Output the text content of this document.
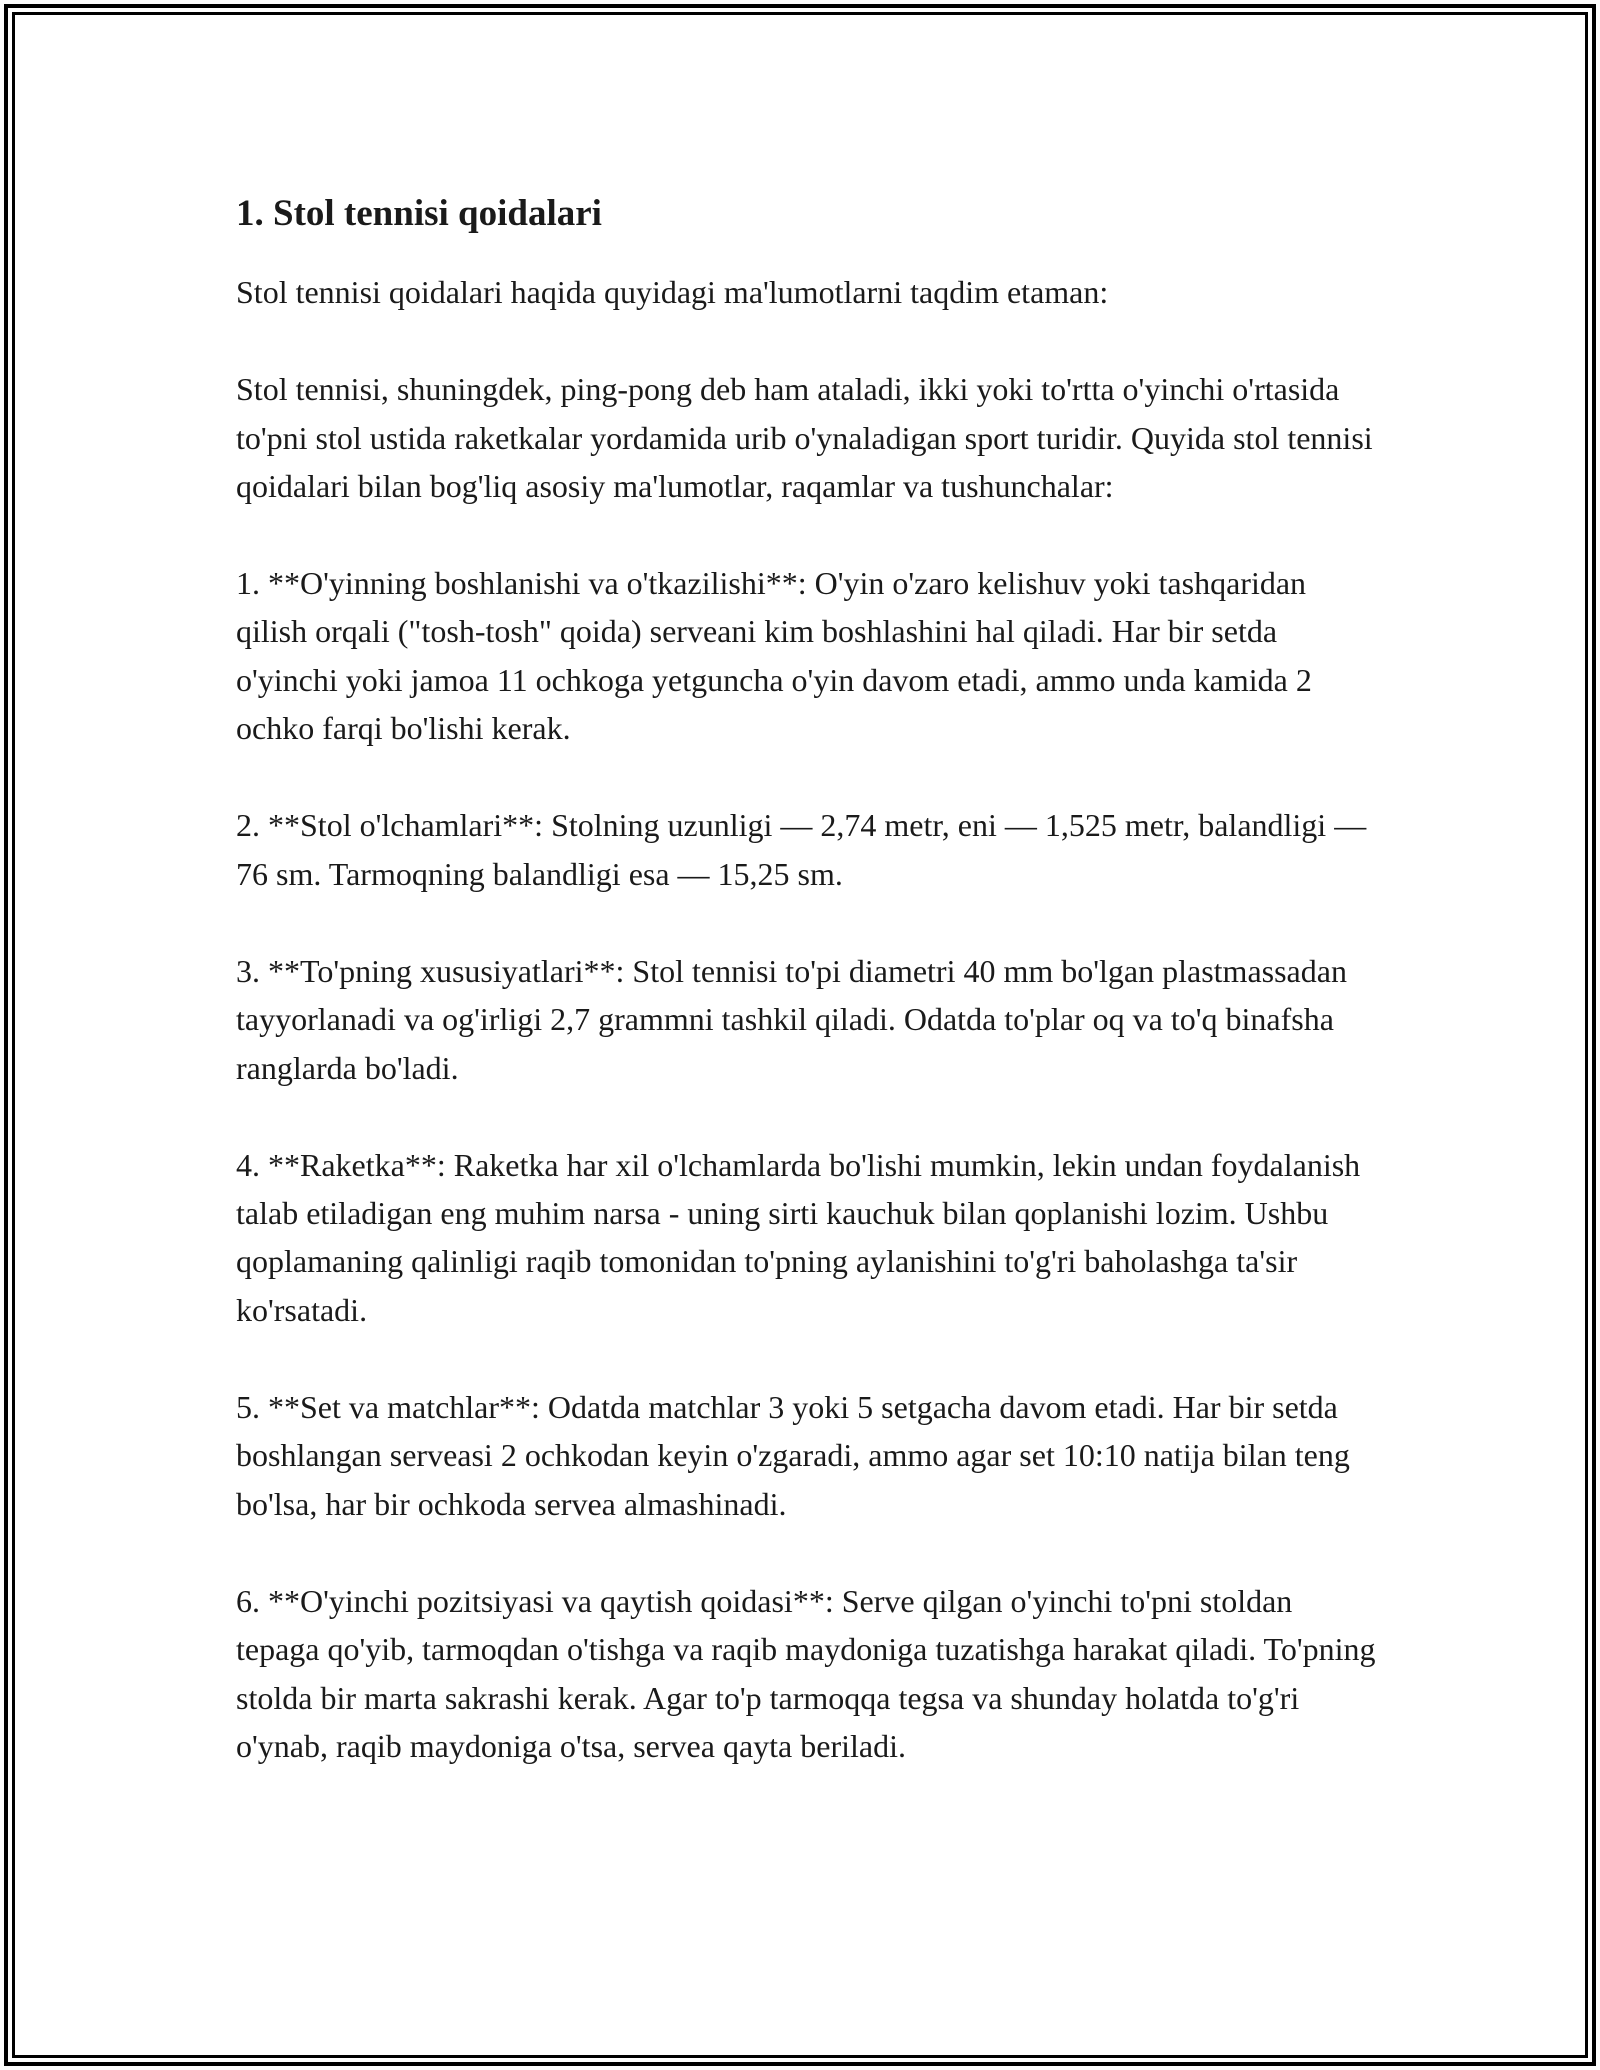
1. Stol tennisi qoidalari

Stol tennisi qoidalari haqida quyidagi ma'lumotlarni taqdim etaman:

Stol tennisi, shuningdek, ping-pong deb ham ataladi, ikki yoki to'rtta o'yinchi o'rtasida to'pni stol ustida raketkalar yordamida urib o'ynaladigan sport turidir. Quyida stol tennisi qoidalari bilan bog'liq asosiy ma'lumotlar, raqamlar va tushunchalar:

1. **O'yinning boshlanishi va o'tkazilishi**: O'yin o'zaro kelishuv yoki tashqaridan qilish orqali ("tosh-tosh" qoida) serveani kim boshlashini hal qiladi. Har bir setda o'yinchi yoki jamoa 11 ochkoga yetguncha o'yin davom etadi, ammo unda kamida 2 ochko farqi bo'lishi kerak.

2. **Stol o'lchamlari**: Stolning uzunligi — 2,74 metr, eni — 1,525 metr, balandligi — 76 sm. Tarmoqning balandligi esa — 15,25 sm.

3. **To'pning xususiyatlari**: Stol tennisi to'pi diametri 40 mm bo'lgan plastmassadan tayyorlanadi va og'irligi 2,7 grammni tashkil qiladi. Odatda to'plar oq va to'q binafsha ranglarda bo'ladi.

4. **Raketka**: Raketka har xil o'lchamlarda bo'lishi mumkin, lekin undan foydalanish talab etiladigan eng muhim narsa - uning sirti kauchuk bilan qoplanishi lozim. Ushbu qoplamaning qalinligi raqib tomonidan to'pning aylanishini to'g'ri baholashga ta'sir ko'rsatadi.

5. **Set va matchlar**: Odatda matchlar 3 yoki 5 setgacha davom etadi. Har bir setda boshlangan serveasi 2 ochkodan keyin o'zgaradi, ammo agar set 10:10 natija bilan teng bo'lsa, har bir ochkoda servea almashinadi.

6. **O'yinchi pozitsiyasi va qaytish qoidasi**: Serve qilgan o'yinchi to'pni stoldan tepaga qo'yib, tarmoqdan o'tishga va raqib maydoniga tuzatishga harakat qiladi. To'pning stolda bir marta sakrashi kerak. Agar to'p tarmoqqa tegsa va shunday holatda to'g'ri o'ynab, raqib maydoniga o'tsa, servea qayta beriladi.
